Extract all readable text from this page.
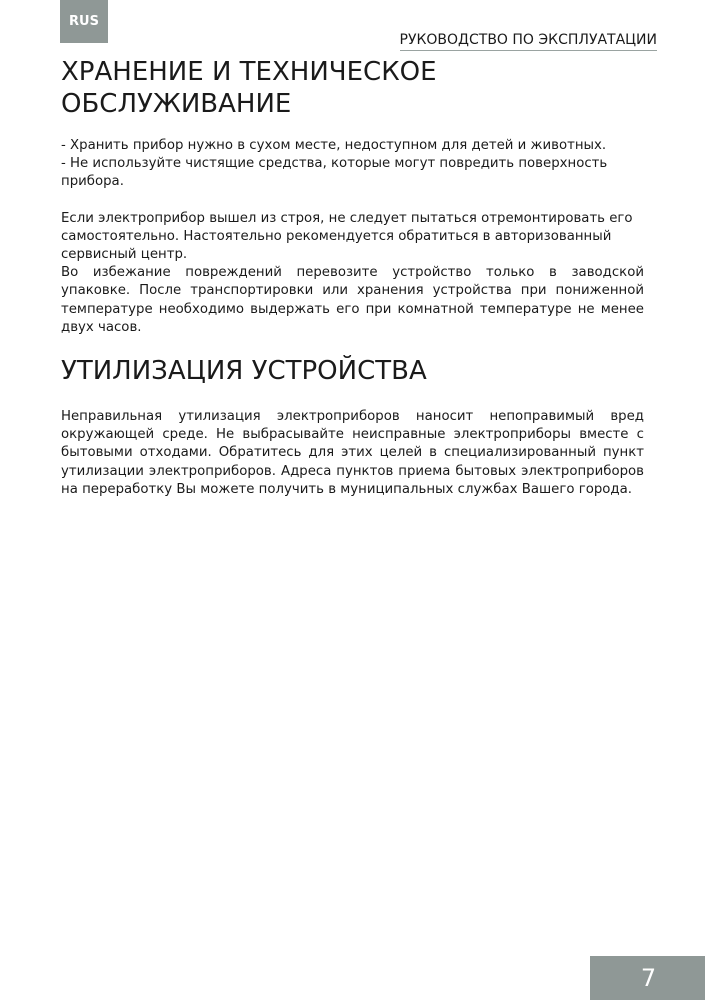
RUS
РУКОВОДСТВО ПО ЭКСПЛУАТАЦИИ
ХРАНЕНИЕ И ТЕХНИЧЕСКОЕ ОБСЛУЖИВАНИЕ

- Хранить прибор нужно в сухом месте, недоступном для детей и животных.

- Не используйте чистящие средства, которые могут повредить поверхность прибора.

Если электроприбор вышел из строя, не следует пытаться отремонтировать его самостоятельно. Настоятельно рекомендуется обратиться в авторизованный сервисный центр.

Во избежание повреждений перевозите устройство только в заводской упаковке. После транспортировки или хранения устройства при пониженной температуре необходимо выдержать его при комнатной температуре не менее двух часов.

УТИЛИЗАЦИЯ УСТРОЙСТВА

Неправильная утилизация электроприборов наносит непоправимый вред окружающей среде. Не выбрасывайте неисправные электроприборы вместе с бытовыми отходами. Обратитесь для этих целей в специализированный пункт утилизации электроприборов. Адреса пунктов приема бытовых электроприборов на переработку Вы можете получить в муниципальных службах Вашего города.

7
